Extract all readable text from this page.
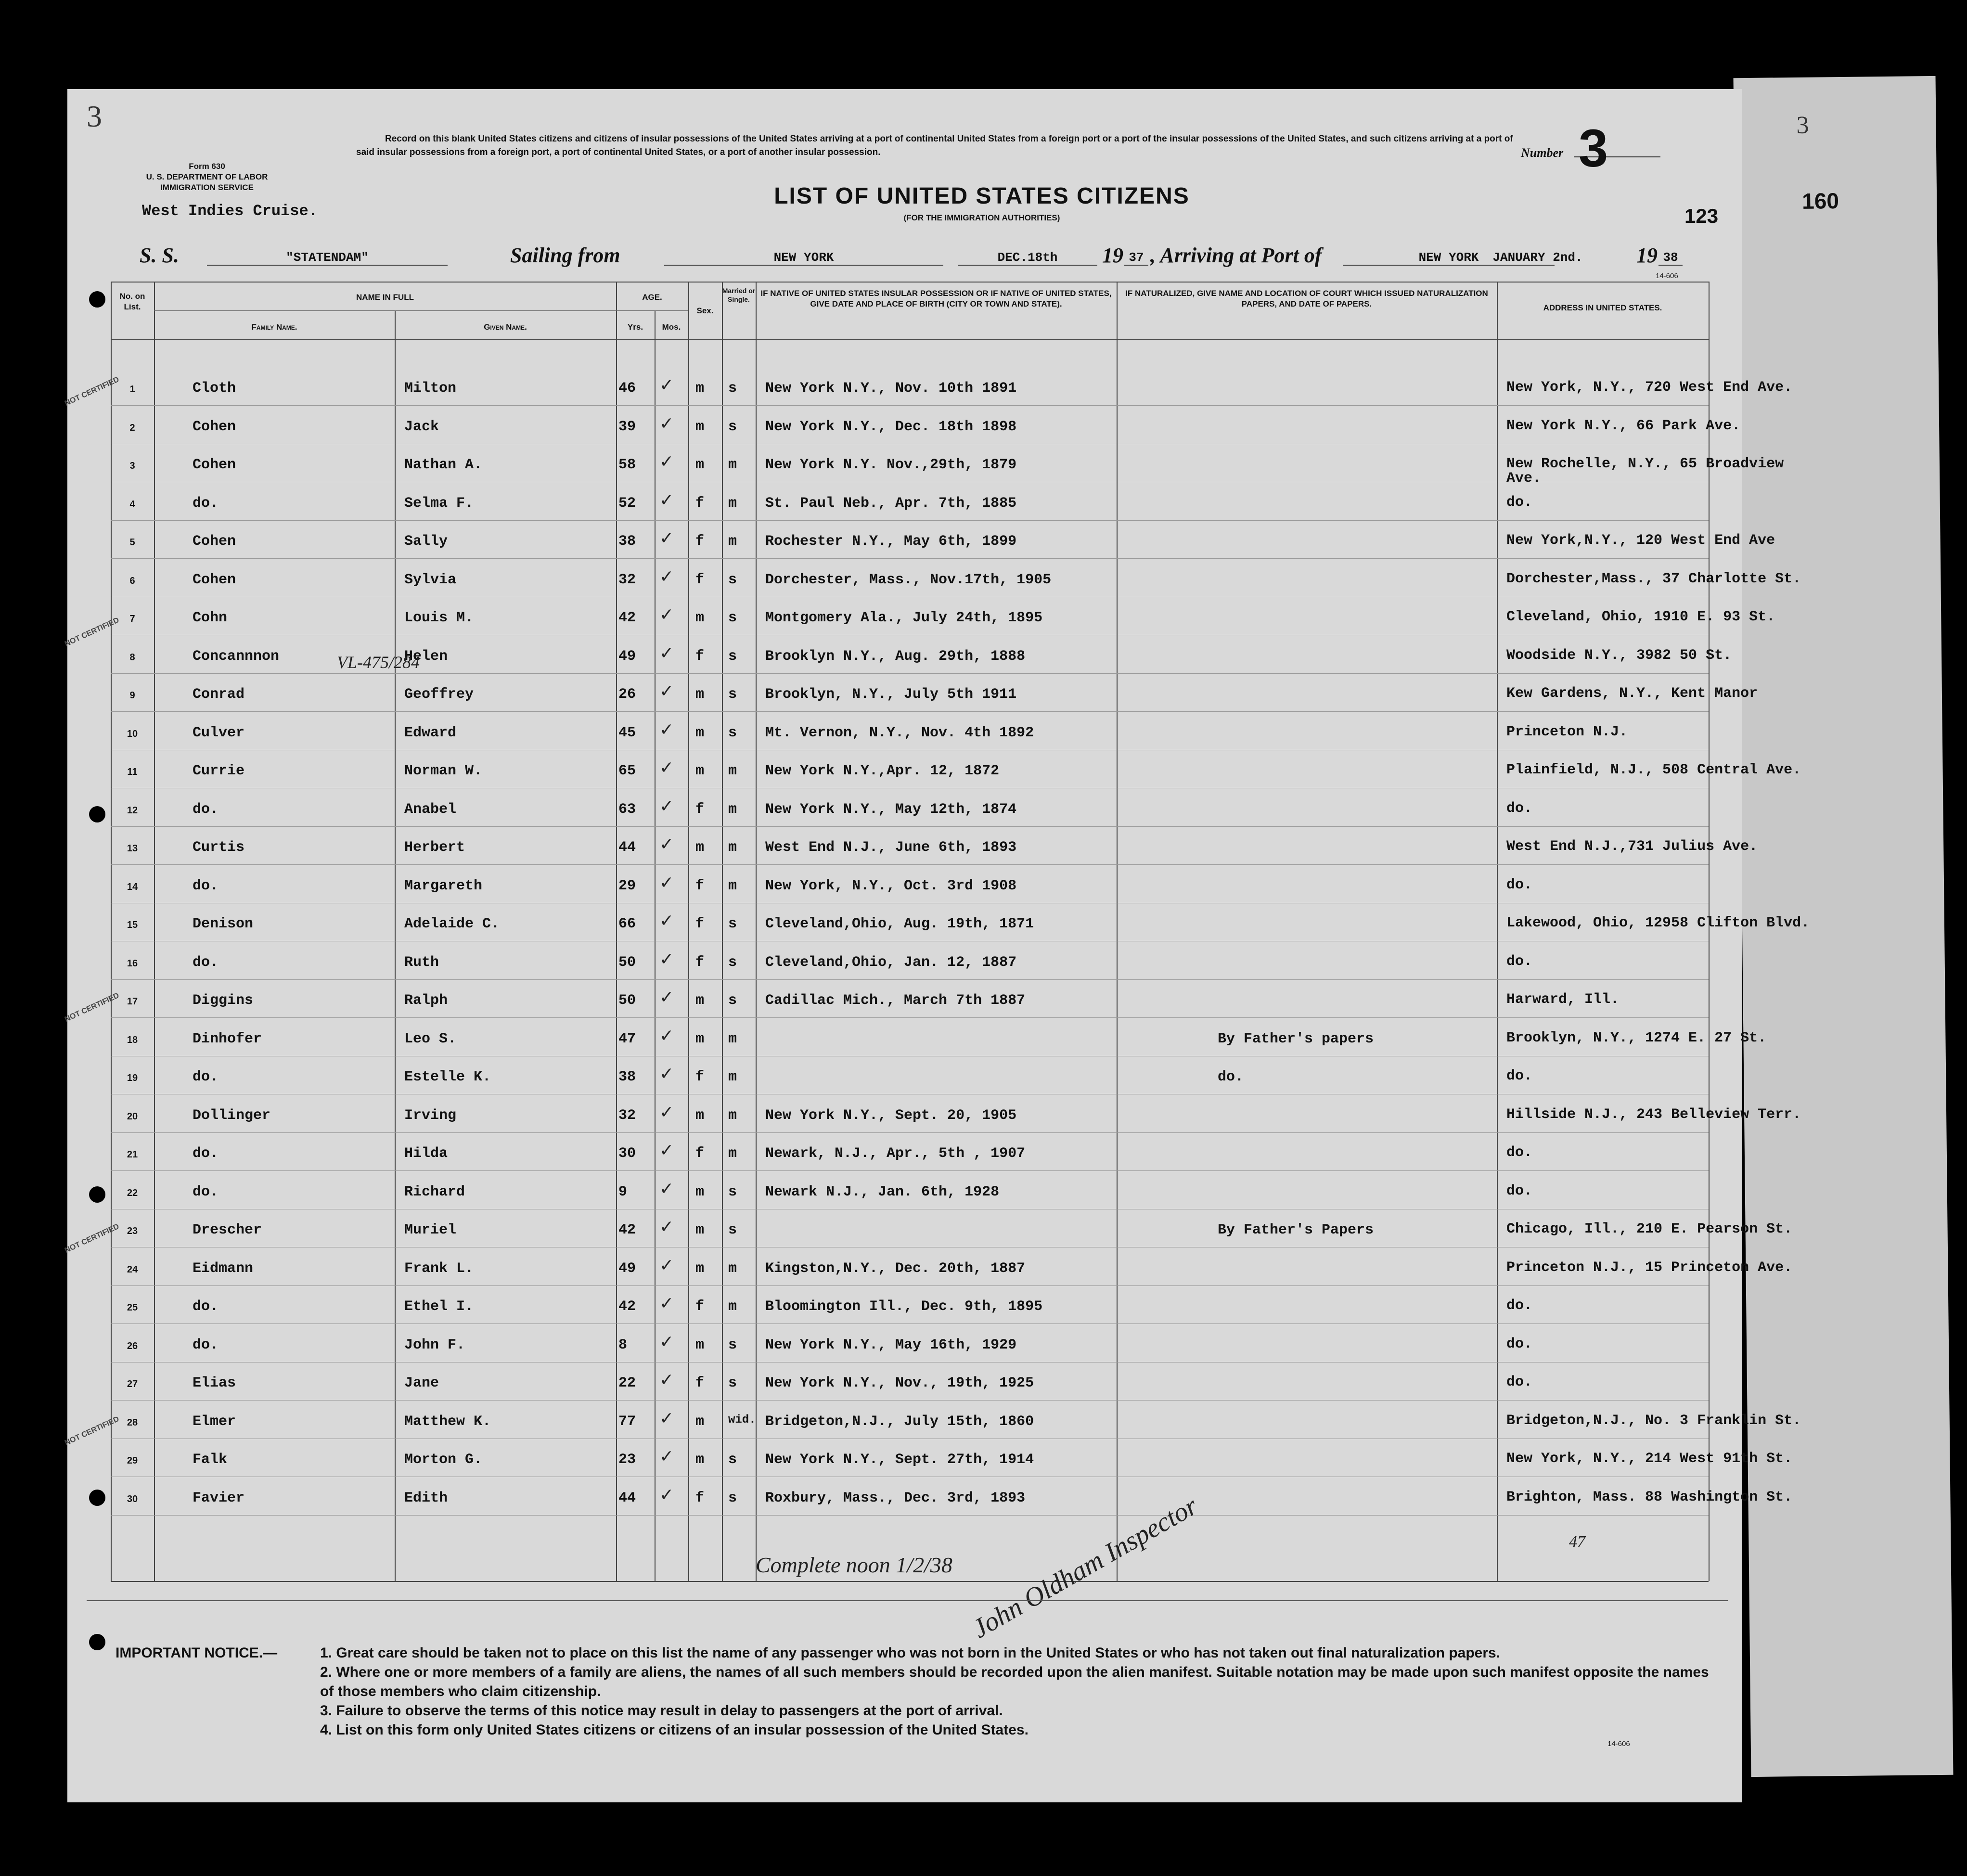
3
160
3
Form 630
U. S. DEPARTMENT OF LABOR
IMMIGRATION SERVICE
Record on this blank United States citizens and citizens of insular possessions of the United States arriving at a port of continental United States from a foreign port or a port of the insular possessions of the United States, and such citizens arriving at a port of said insular possessions from a foreign port, a port of continental United States, or a port of another insular possession.	Number 3
LIST OF UNITED STATES CITIZENS
(FOR THE IMMIGRATION AUTHORITIES)
West Indies Cruise.	123
S. S.	"STATENDAM"	Sailing from	NEW YORK	DEC.18th	19 37 , Arriving at Port of	NEW YORK	JANUARY 2nd.	19 38
No. on List.
NAME IN FULL
Family Name.	Given Name.
AGE.
Yrs.	Mos.
Sex.
Married or Single.
IF NATIVE OF UNITED STATES INSULAR POSSESSION OR IF NATIVE OF UNITED STATES, GIVE DATE AND PLACE OF BIRTH (CITY OR TOWN AND STATE).
IF NATURALIZED, GIVE NAME AND LOCATION OF COURT WHICH ISSUED NATURALIZATION PAPERS, AND DATE OF PAPERS.	ADDRESS IN UNITED STATES.
1	Cloth	Milton	46 ✓ m s New York N.Y., Nov. 10th 1891	New York, N.Y., 720 West End Ave.
2	Cohen	Jack	39 ✓ m s New York N.Y., Dec. 18th 1898	New York N.Y., 66 Park Ave.
3	Cohen	Nathan A.	58 ✓ m m New York N.Y. Nov.,29th, 1879	New Rochelle, N.Y., 65 Broadview Ave.
4	do.	Selma F.	52 ✓ f m St. Paul Neb., Apr. 7th, 1885	do.
5	Cohen	Sally	38 ✓ f m Rochester N.Y., May 6th, 1899	New York,N.Y., 120 West End Ave
6	Cohen	Sylvia	32 ✓ f s Dorchester, Mass., Nov.17th, 1905	Dorchester,Mass., 37 Charlotte St.
7	Cohn	Louis M.	42 ✓ m s Montgomery Ala., July 24th, 1895	Cleveland, Ohio, 1910 E. 93 St.
8	Concannnon	Helen	49 ✓ f s Brooklyn N.Y., Aug. 29th, 1888	Woodside N.Y., 3982 50 St.
9	Conrad	Geoffrey	26 ✓ m s Brooklyn, N.Y., July 5th 1911	Kew Gardens, N.Y., Kent Manor
10	Culver	Edward	45 ✓ m s Mt. Vernon, N.Y., Nov. 4th 1892	Princeton N.J.
11	Currie	Norman W.	65 ✓ m m New York N.Y.,Apr. 12, 1872	Plainfield, N.J., 508 Central Ave.
12	do.	Anabel	63 ✓ f m New York N.Y., May 12th, 1874	do.
13	Curtis	Herbert	44 ✓ m m West End N.J., June 6th, 1893	West End N.J.,731 Julius Ave.
14	do.	Margareth	29 ✓ f m New York, N.Y., Oct. 3rd 1908	do.
15	Denison	Adelaide C.	66 ✓ f s Cleveland,Ohio, Aug. 19th, 1871	Lakewood, Ohio, 12958 Clifton Blvd.
16	do.	Ruth	50 ✓ f s Cleveland,Ohio, Jan. 12, 1887	do.
17	Diggins	Ralph	50 ✓ m s Cadillac Mich., March 7th 1887	Harward, Ill.
18	Dinhofer	Leo S.	47 ✓ m m	By Father's papers	Brooklyn, N.Y., 1274 E. 27 St.
19	do.	Estelle K.	38 ✓ f m	do.	do.
20	Dollinger	Irving	32 ✓ m m New York N.Y., Sept. 20, 1905	Hillside N.J., 243 Belleview Terr.
21	do.	Hilda	30 ✓ f m Newark, N.J., Apr., 5th , 1907	do.
22	do.	Richard	9 ✓ m s Newark N.J., Jan. 6th, 1928	do.
23	Drescher	Muriel	42 ✓ m s	By Father's Papers	Chicago, Ill., 210 E. Pearson St.
24	Eidmann	Frank L.	49 ✓ m m Kingston,N.Y., Dec. 20th, 1887	Princeton N.J., 15 Princeton Ave.
25	do.	Ethel I.	42 ✓ f m Bloomington Ill., Dec. 9th, 1895	do.
26	do.	John F.	8 ✓ m s New York N.Y., May 16th, 1929	do.
27	Elias	Jane	22 ✓ f s New York N.Y., Nov., 19th, 1925	do.
28	Elmer	Matthew K.	77 ✓ m wid. Bridgeton,N.J., July 15th, 1860	Bridgeton,N.J., No. 3 Franklin St.
29	Falk	Morton G.	23 ✓ m s New York N.Y., Sept. 27th, 1914	New York, N.Y., 214 West 91th St.
30	Favier	Edith	44 ✓ f s Roxbury, Mass., Dec. 3rd, 1893	Brighton, Mass. 88 Washington St.
VL-475/284
Complete noon 1/2/38
47
John Oldham Inspector
14-606
IMPORTANT NOTICE.—	1. Great care should be taken not to place on this list the name of any passenger who was not born in the United States or who has not taken out final naturalization papers.
2. Where one or more members of a family are aliens, the names of all such members should be recorded upon the alien manifest. Suitable notation may be made upon such manifest opposite the names of those members who claim citizenship.
3. Failure to observe the terms of this notice may result in delay to passengers at the port of arrival.
4. List on this form only United States citizens or citizens of an insular possession of the United States.
14-606
NOT CERTIFIED
NOT CERTIFIED
NOT CERTIFIED
NOT CERTIFIED
NOT CERTIFIED
